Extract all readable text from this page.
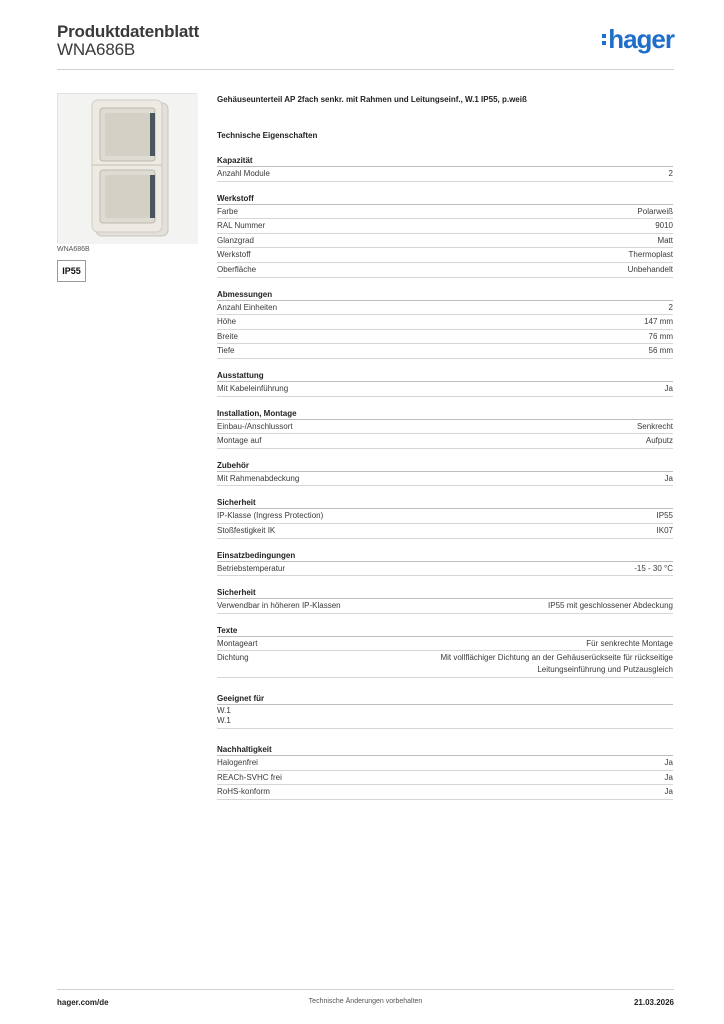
Produktdatenblatt
WNA686B	hager
WNA686B
IP55
Gehäuseunterteil AP 2fach senkr. mit Rahmen und Leitungseinf., W.1 IP55, p.weiß
Technische Eigenschaften
Kapazität
Anzahl Module	2
Werkstoff
Farbe	Polarweiß
RAL Nummer	9010
Glanzgrad	Matt
Werkstoff	Thermoplast
Oberfläche	Unbehandelt
Abmessungen
Anzahl Einheiten	2
Höhe	147 mm
Breite	76 mm
Tiefe	56 mm
Ausstattung
Mit Kabeleinführung	Ja
Installation, Montage
Einbau-/Anschlussort	Senkrecht
Montage auf	Aufputz
Zubehör
Mit Rahmenabdeckung	Ja
Sicherheit
IP-Klasse (Ingress Protection)	IP55
Stoßfestigkeit IK	IK07
Einsatzbedingungen
Betriebstemperatur	-15 - 30 °C
Sicherheit
Verwendbar in höheren IP-Klassen	IP55 mit geschlossener Abdeckung
Texte
Montageart	Für senkrechte Montage
Dichtung	Mit vollflächiger Dichtung an der Gehäuserückseite für rückseitige Leitungseinführung und Putzausgleich
Geeignet für
W.1
W.1
Nachhaltigkeit
Halogenfrei	Ja
REACh-SVHC frei	Ja
RoHS-konform	Ja
hager.com/de	Technische Änderungen vorbehalten	21.03.2026
